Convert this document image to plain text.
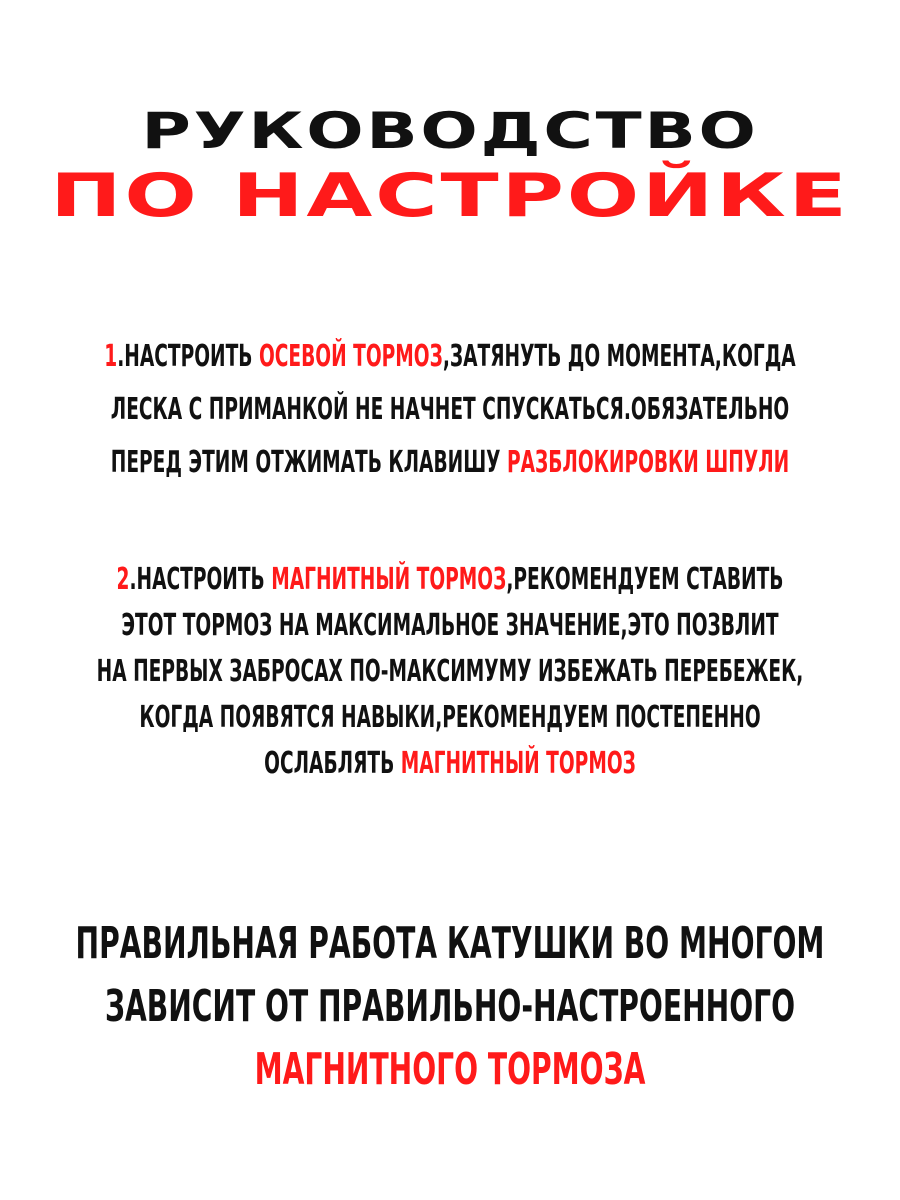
РУКОВОДСТВО
ПО НАСТРОЙКЕ
1.НАСТРОИТЬ ОСЕВОЙ ТОРМОЗ,ЗАТЯНУТЬ ДО МОМЕНТА,КОГДА
ЛЕСКА С ПРИМАНКОЙ НЕ НАЧНЕТ СПУСКАТЬСЯ.ОБЯЗАТЕЛЬНО
ПЕРЕД ЭТИМ ОТЖИМАТЬ КЛАВИШУ РАЗБЛОКИРОВКИ ШПУЛИ
2.НАСТРОИТЬ МАГНИТНЫЙ ТОРМОЗ,РЕКОМЕНДУЕМ СТАВИТЬ
ЭТОТ ТОРМОЗ НА МАКСИМАЛЬНОЕ ЗНАЧЕНИЕ,ЭТО ПОЗВЛИТ
НА ПЕРВЫХ ЗАБРОСАХ ПО-МАКСИМУМУ ИЗБЕЖАТЬ ПЕРЕБЕЖЕК,
КОГДА ПОЯВЯТСЯ НАВЫКИ,РЕКОМЕНДУЕМ ПОСТЕПЕННО
ОСЛАБЛЯТЬ МАГНИТНЫЙ ТОРМОЗ
ПРАВИЛЬНАЯ РАБОТА КАТУШКИ ВО МНОГОМ
ЗАВИСИТ ОТ ПРАВИЛЬНО-НАСТРОЕННОГО
МАГНИТНОГО ТОРМОЗА
